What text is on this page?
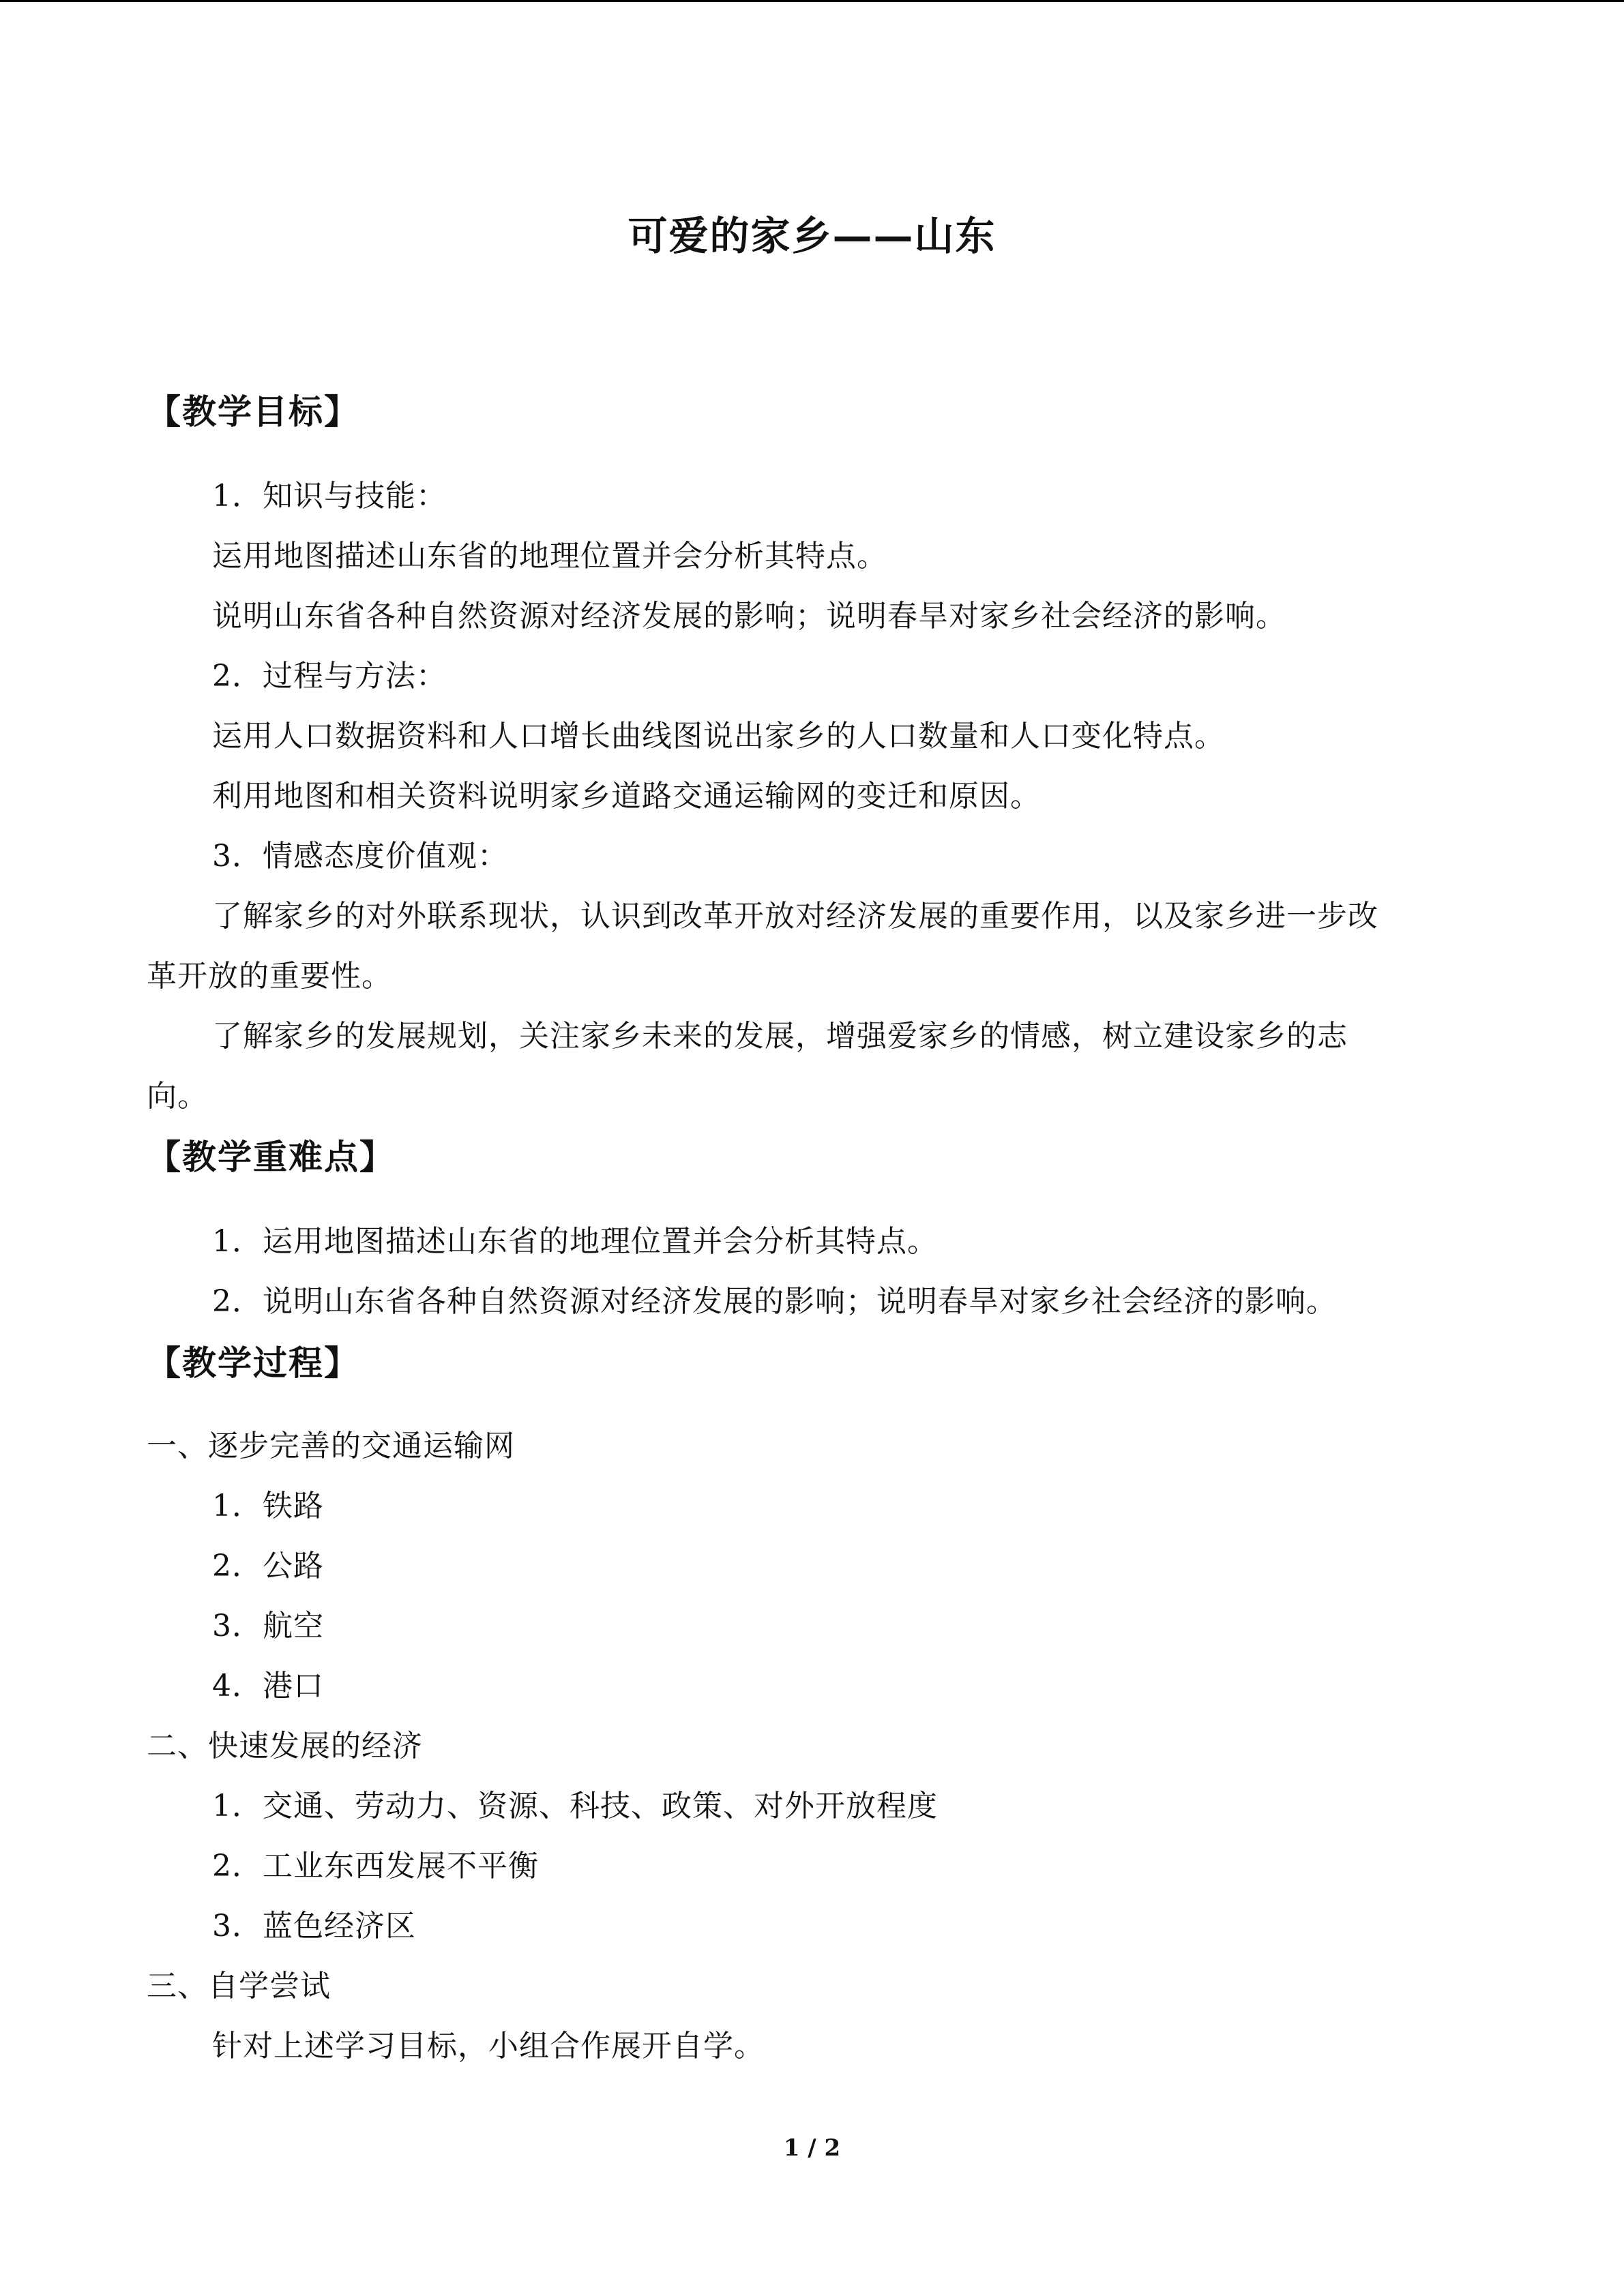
可爱的家乡——山东
【教学目标】
1．知识与技能：
运用地图描述山东省的地理位置并会分析其特点。
说明山东省各种自然资源对经济发展的影响；说明春旱对家乡社会经济的影响。
2．过程与方法：
运用人口数据资料和人口增长曲线图说出家乡的人口数量和人口变化特点。
利用地图和相关资料说明家乡道路交通运输网的变迁和原因。
3．情感态度价值观：
了解家乡的对外联系现状，认识到改革开放对经济发展的重要作用，以及家乡进一步改
革开放的重要性。
了解家乡的发展规划，关注家乡未来的发展，增强爱家乡的情感，树立建设家乡的志
向。
【教学重难点】
1．运用地图描述山东省的地理位置并会分析其特点。
2．说明山东省各种自然资源对经济发展的影响；说明春旱对家乡社会经济的影响。
【教学过程】
一、逐步完善的交通运输网
1．铁路
2．公路
3．航空
4．港口
二、快速发展的经济
1．交通、劳动力、资源、科技、政策、对外开放程度
2．工业东西发展不平衡
3．蓝色经济区
三、自学尝试
针对上述学习目标，小组合作展开自学。
1 / 2
